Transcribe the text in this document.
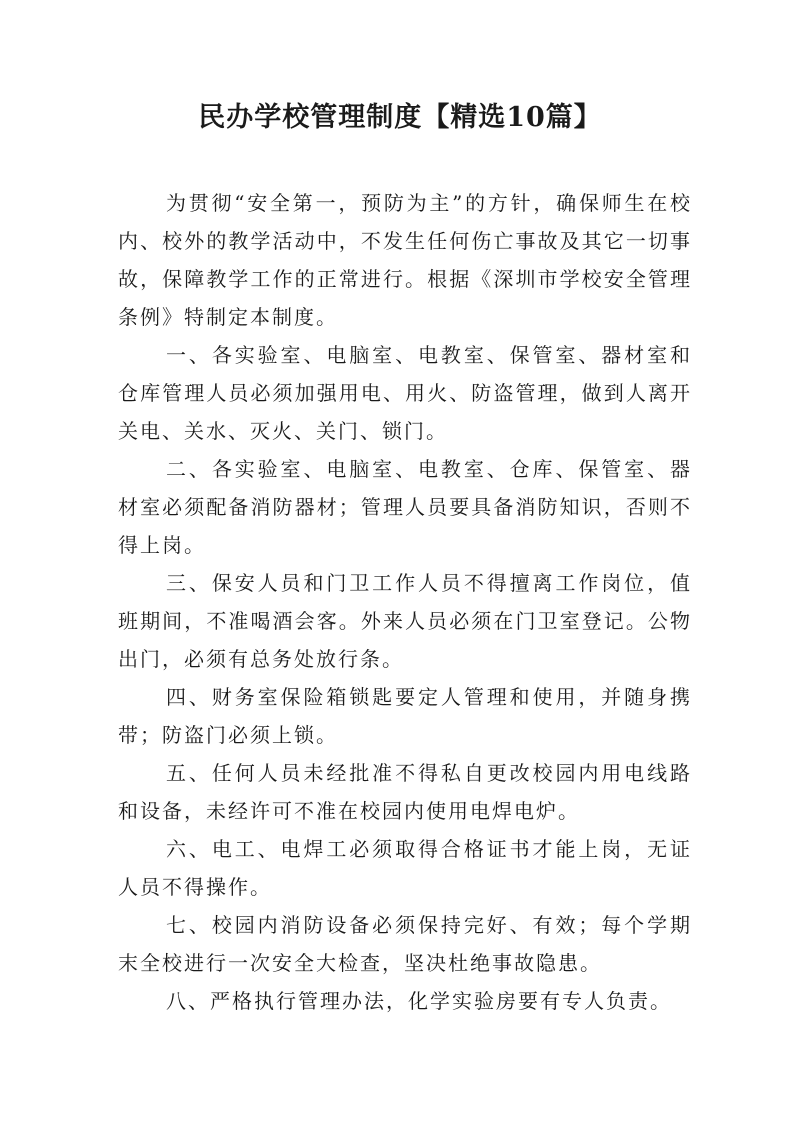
民办学校管理制度【精选10篇】

为贯彻“安全第一，预防为主”的方针，确保师生在校内、校外的教学活动中，不发生任何伤亡事故及其它一切事故，保障教学工作的正常进行。根据《深圳市学校安全管理条例》特制定本制度。

一、各实验室、电脑室、电教室、保管室、器材室和仓库管理人员必须加强用电、用火、防盗管理，做到人离开关电、关水、灭火、关门、锁门。

二、各实验室、电脑室、电教室、仓库、保管室、器材室必须配备消防器材；管理人员要具备消防知识，否则不得上岗。

三、保安人员和门卫工作人员不得擅离工作岗位，值班期间，不准喝酒会客。外来人员必须在门卫室登记。公物出门，必须有总务处放行条。

四、财务室保险箱锁匙要定人管理和使用，并随身携带；防盗门必须上锁。

五、任何人员未经批准不得私自更改校园内用电线路和设备，未经许可不准在校园内使用电焊电炉。

六、电工、电焊工必须取得合格证书才能上岗，无证人员不得操作。

七、校园内消防设备必须保持完好、有效；每个学期末全校进行一次安全大检查，坚决杜绝事故隐患。

八、严格执行管理办法，化学实验房要有专人负责。
